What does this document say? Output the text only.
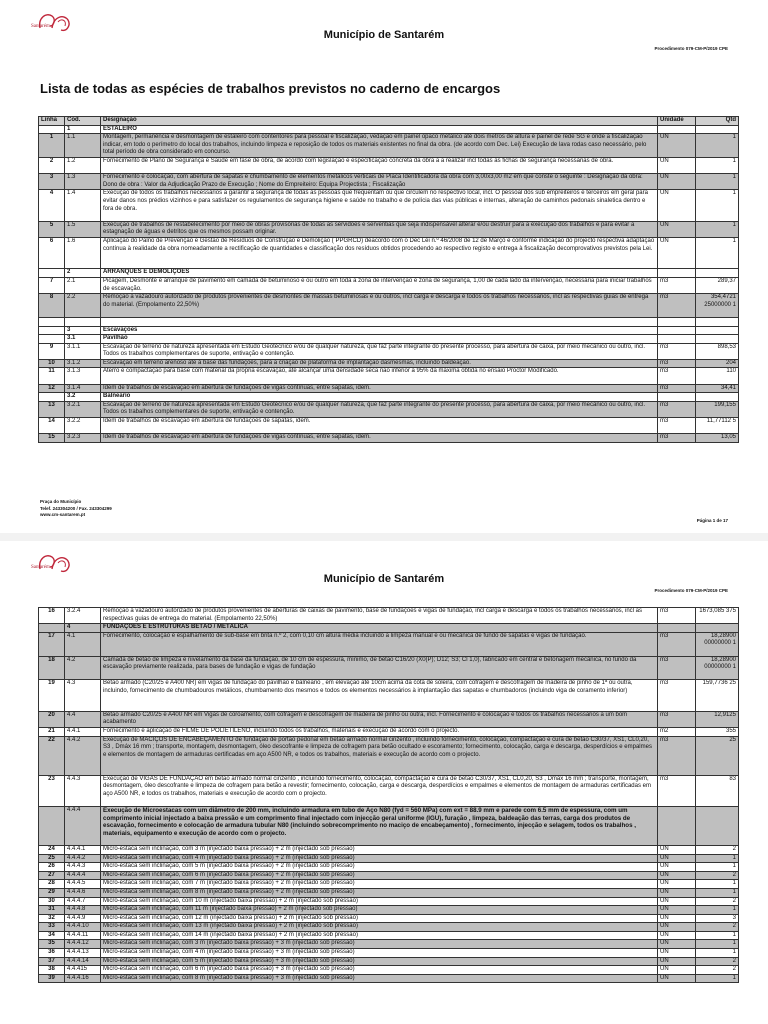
Santarém
Município de Santarém
Procedimento 079-CM-P/2019 CPE
Lista de todas as espécies de trabalhos previstos no caderno de encargos
Linha	Cod.	Designação	Unidade	Qtd
	1	ESTALEIRO		
1	1.1	Montagem, permanência e desmontagem de estaleiro com contentores para pessoal e fiscalização, vedação em painel opaco metálico até dois metros de altura e painel de rede SG e onde a fiscalização indicar, em todo o perímetro do local dos trabalhos, incluindo limpeza e reposição de todos os materiais existentes no final da obra. (de acordo com Dec. Lei) Execução de lava rodas caso necessário, pelo total período de obra considerado em concurso.	UN	1
2	1.2	Fornecimento de Plano de Segurança e Saúde em fase de obra, de acordo com legislação e especificação concreta da obra a a realizar incl todas as fichas de segurança necessárias de obra.	UN	1
3	1.3	Fornecimento e colocação, com abertura de sapatas e chumbamento de elementos metálicos verticais de Placa Identificadora da obra com 3,00x3,00 m2 em que conste o seguinte : Designação da obra: Dono de obra : Valor da Adjudicação Prazo de Execução ; Nome do Empreiteiro: Equipa Projectista ; Fiscalização	UN	1
4	1.4	Execução de todos os trabalhos necessários a garantir a segurança de todas as pessoas que frequentam ou que circulem no respectivo local, incl. O pessoal dos sub empreiteiros e terceiros em geral para evitar danos nos prédios vizinhos e para satisfazer os regulamentos de segurança higiene e saúde no trabalho e de polícia das vias públicas e internas, alteração de caminhos pedonais sinaletica dentro e fora de obra.	UN	1
5	1.5	Execução de trabalhos de restabelecimento por meio de obras provisórias de todas as servidões e serventias que seja indispensável alterar e/ou destruir para a execução dos trabalhos e para evitar a estagnação de águas e detritos que os mesmos possam originar.	UN	1
6	1.6	Aplicação do Palno de Prevenção e Gestão de Resíduos de Construção e Demolição ( PPGRCD) deacordo com o Dec Lei n.º 46/2008 de 12 de Março e conforme indicação do projecto respectiva adaptação contínua à realidade da obra nomeadamente a rectificação de quantidades e classificação dos resíduos obtidos procedendo ao respectivo registo e entrega à fiscalização decomprovativos previstos pela Lei.	UN	1
	2	ARRANQUES E DEMOLIÇÕES		
7	2.1	Picagem, Desmonte e arranque de pavimento em camada de betuminoso e ou outro em toda a zona de intervenção e zona de segurança, 1,00 de cada lado da intervenção, necessária para iniciar trabalhos de escavação.	m3	289,37
8	2.2	Remoção a vazadouro autorizado de produtos provenientes de desmontes de massas betuminosas e ou outros, incl carga e descarga e todos os trabalhos necessários, incl as respectivas guias de entrega do material. (Empolamento 22,50%)	m3	354,4721 25000000 1

	3	Escavações		
	3.1	Pavilhão		
9	3.1.1	Escavação de terreno de natureza apresentada em Estudo Geotécnico e/ou de qualquer natureza, que faz parte integrante do presente processo, para abertura de caixa, por meio mecânico ou outro, incl. Todos os trabalhos complementares de suporte, entivação e contenção.	m3	898,53
10	3.1.2	Escavação em terreno arenoso até à base das fundações, para a criação de plataforma de implantação dasmesmas, incluindo baldeação.	m3	204
11	3.1.3	Aterro e compactação para base com material da própria escavação, até alcançar uma densidade seca não inferior a 95% da máxima obtida no ensaio Proctor Modificado.	m3	110
12	3.1.4	Idem de trabalhos de escavação em abertura de fundações de vigas contínuas, entre sapatas, idem.	m3	34,41
	3.2	Balneario		
13	3.2.1	Escavação de terreno de natureza apresentada em Estudo Geotécnico e/ou de qualquer natureza, que faz parte integrante do presente processo, para abertura de caixa, por meio mecânico ou outro, incl. Todos os trabalhos complementares de suporte, entivação e contenção.	m3	199,155
14	3.2.2	Idem de trabalhos de escavação em abertura de fundações de sapatas, idem.	m3	11,77112 5
15	3.2.3	Idem de trabalhos de escavação em abertura de fundações de vigas contínuas, entre sapatas, idem.	m3	13,05
Praça do Município
Telef. 243304200 / Fax. 243304299
www.cm-santarem.pt
Página 1 de 17
Santarém
Município de Santarém
Procedimento 079-CM-P/2019 CPE
16	3.2.4	Remoção a vazadouro autorizado de produtos provenientes de aberturas de caixas de pavimento, base de fundações e vigas de fundação, incl carga e descarga e todos os trabalhos necessários, incl as respectivas guias de entrega do material. (Empolamento 22,50%)	m3	1673,085 375
	4	FUNDAÇÕES E ESTRUTURAS BETÃO / METÁLICA		
17	4.1	Fornecimento, colocação e espalhamento de sub-base em brita n.º 2, com 0,10 cm altura média incluindo a limpeza manual e ou mecânica de fundo de sapatas e vigas de fundação.	m3	18,28900 00000000 1
18	4.2	Camada de betão de limpeza e nivelamento da base da fundação, de 10 cm de espessura, mínimo, de betão C16/20 (X0(P); D12; S3; Cl 1,0), fabricado em central e betonagem mecânica, no fundo da escavação previamente realizada, para bases de fundação e vigas de fundação	m3	18,28900 00000000 1
19	4.3	Betão armado (C20/25 e A400 NR) em vigas de fundação do pavilhão e balneario , em elevação até 10cm acima da cota de soleira, com cofragem e descofragem de madeira de pinho de 1ª ou outra, incluindo, fornecimento de chumbadouros metálicos, chumbamento dos mesmos e todos os elementos necessários à implantação das sapatas e chumbadoros (incluindo viga de coramento inferior)	m3	159,7736 25
20	4.4	Betão armado C20/25 e A400 NR em Vigas de coroamento, com cofragem e descofragem de madeira de pinho ou outra, incl. Fornecimento e colocação e todos os trabalhos necessários a um bom acabamento	m3	12,9125
21	4.4.1	Fornecimento e aplicação de FILME DE POLIETILENO, incluindo todos os trabalhos, materiais e execução de acordo com o projecto.	m2	355
22	4.4.2	Execução de MACIÇOS DE ENCABEÇAMENTO de fundação de portão pedonal em betão armado normal cinzento , incluindo fornecimento, colocação, compactação e cura de betão C30/37, XS1, CL0,20, S3 , Dmáx 16 mm ; transporte, montagem, desmontagem, óleo descofrante e limpeza de cofragem para betão ocultado e escoramento; fornecimento, colocação, carga e descarga, desperdícios e empalmes e elementos de montagem de armaduras certificadas em aço A500 NR, e todos os trabalhos, materiais e execução de acordo com o projecto.	m3	25
23	4.4.3	Execução de VIGAS DE FUNDAÇÃO em betão armado normal cinzento , incluindo fornecimento, colocação, compactação e cura de betão C30/37, XS1, CL0,20, S3 , Dmáx 16 mm ; transporte, montagem, desmontagem, óleo descofrante e limpeza de cofragem para betão a revestir; fornecimento, colocação, carga e descarga, desperdícios e empalmes e elementos de montagem de armaduras certificadas em aço A500 NR, e todos os trabalhos, materiais e execução de acordo com o projecto.	m3	83
	4.4.4	Execução de Microestacas com um diâmetro de 200 mm, incluindo armadura em tubo de Aço N80 (fyd = 560 MPa) com ext = 88.9 mm e parede com 6.5 mm de espessura, com um comprimento inicial injectado a baixa pressão e um comprimento final injectado com injecção geral uniforme (IGU), furação , limpeza, baldeação das terras, carga dos produtos de escavação, fornecimento e colocação de armadura tubular N80 (incluindo sobrecomprimento no maciço de encabeçamento) , fornecimento, injecção e selagem, todos os trabalhos , materiais, equipamento e execução de acordo com o projecto.		
24	4.4.4.1	Micro-estaca sem inclinação, com 3 m (injectado baixa pressão) + 2 m (injectado sob pressão)	UN	2
25	4.4.4.2	Micro-estaca sem inclinação, com 4 m (injectado baixa pressão) + 2 m (injectado sob pressão)	UN	1
26	4.4.4.3	Micro-estaca sem inclinação, com 5 m (injectado baixa pressão) + 2 m (injectado sob pressão)	UN	1
27	4.4.4.4	Micro-estaca sem inclinação, com 6 m (injectado baixa pressão) + 2 m (injectado sob pressão)	UN	2
28	4.4.4.5	Micro-estaca sem inclinação, com 7 m (injectado baixa pressão) + 2 m (injectado sob pressão)	UN	1
29	4.4.4.6	Micro-estaca sem inclinação, com 8 m (injectado baixa pressão) + 2 m (injectado sob pressão)	UN	1
30	4.4.4.7	Micro-estaca sem inclinação, com 10 m (injectado baixa pressão) + 2 m (injectado sob pressão)	UN	2
31	4.4.4.8	Micro-estaca sem inclinação, com 11 m (injectado baixa pressão) + 2 m (injectado sob pressão)	UN	1
32	4.4.4.9	Micro-estaca sem inclinação, com 12 m (injectado baixa pressão) + 2 m (injectado sob pressão)	UN	3
33	4.4.4.10	Micro-estaca sem inclinação, com 13 m (injectado baixa pressão) + 2 m (injectado sob pressão)	UN	2
34	4.4.4.11	Micro-estaca sem inclinação, com 14 m (injectado baixa pressão) + 2 m (injectado sob pressão)	UN	1
35	4.4.4.12	Micro-estaca sem inclinação, com 3 m (injectado baixa pressão) + 3 m (injectado sob pressão)	UN	1
36	4.4.4.13	Micro-estaca sem inclinação, com 4 m (injectado baixa pressão) + 3 m (injectado sob pressão)	UN	1
37	4.4.4.14	Micro-estaca sem inclinação, com 5 m (injectado baixa pressão) + 3 m (injectado sob pressão)	UN	2
38	4.4.415	Micro-estaca sem inclinação, com 6 m (injectado baixa pressão) + 3 m (injectado sob pressão)	UN	2
39	4.4.4.16	Micro-estaca sem inclinação, com 8 m (injectado baixa pressão) + 3 m (injectado sob pressão)	UN	1
